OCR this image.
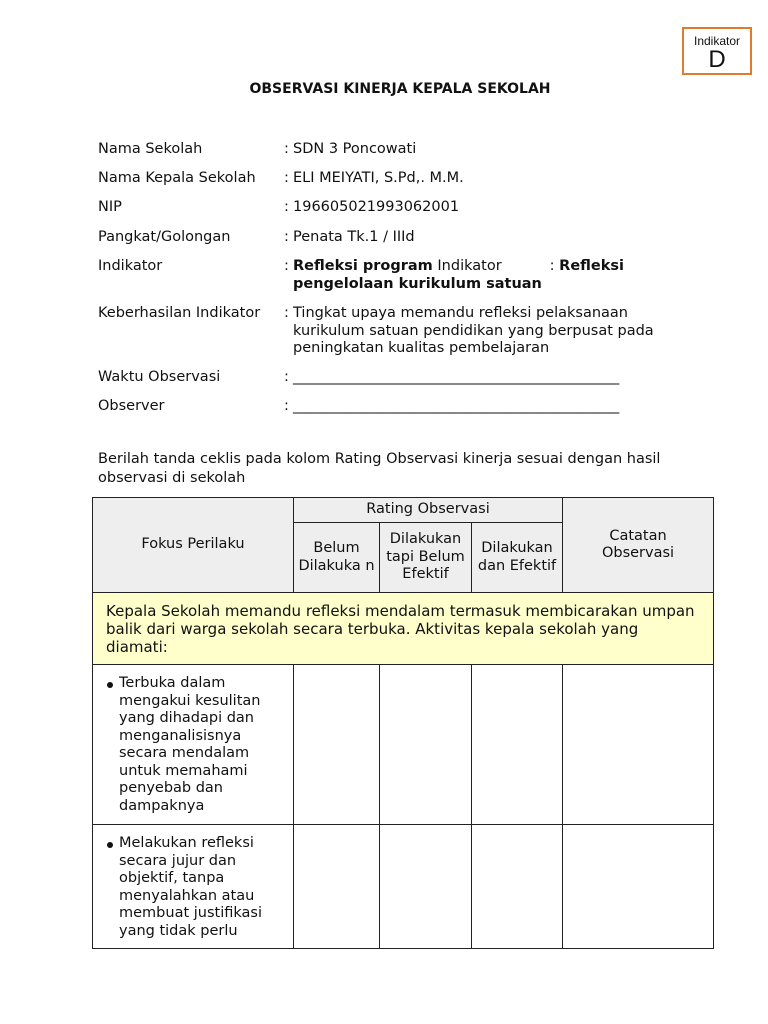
Indikator
D
OBSERVASI KINERJA KEPALA SEKOLAH
Nama Sekolah	: SDN 3 Poncowati
Nama Kepala Sekolah : ELI MEIYATI, S.Pd,. M.M.
NIP	: 196605021993062001
Pangkat/Golongan	: Penata Tk.1 / IIId
Indikator	: Refleksi program Indikator	: Refleksi
pengelolaan kurikulum satuan
Keberhasilan Indikator : Tingkat upaya memandu refleksi pelaksanaan kurikulum satuan pendidikan yang berpusat pada peningkatan kualitas pembelajaran
Waktu Observasi	: _____________________________________________
Observer	: _____________________________________________
Berilah tanda ceklis pada kolom Rating Observasi kinerja sesuai dengan hasil observasi di sekolah
Fokus Perilaku	Rating Observasi			Catatan Observasi
	Belum Dilakuka n	Dilakukan tapi Belum Efektif	Dilakukan dan Efektif	
Kepala Sekolah memandu refleksi mendalam termasuk membicarakan umpan balik dari warga sekolah secara terbuka. Aktivitas kepala sekolah yang diamati:				

Terbuka dalam mengakui kesulitan yang dihadapi dan menganalisisnya secara mendalam untuk memahami penyebab dan dampaknya				

Melakukan refleksi secara jujur dan objektif, tanpa menyalahkan atau membuat justifikasi yang tidak perlu				
